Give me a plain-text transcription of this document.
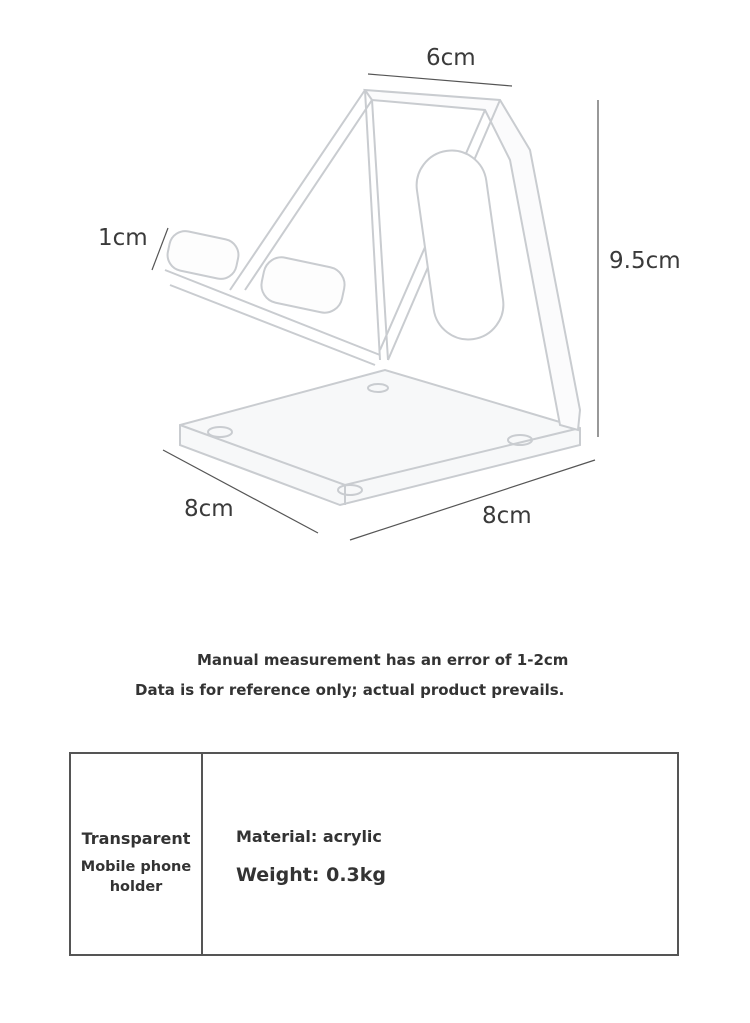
6cm
1cm
9.5cm
8cm	8cm
Manual measurement has an error of 1-2cm
Data is for reference only; actual product prevails.
Transparent
Mobile phone holder
Material: acrylic
Weight: 0.3kg
